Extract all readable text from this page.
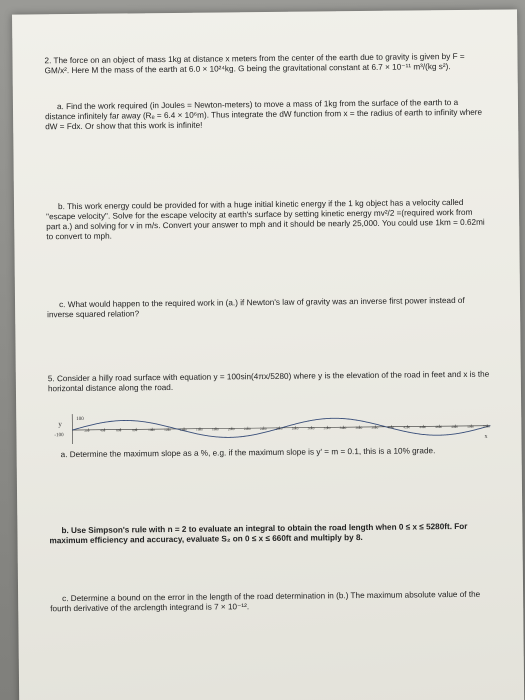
2. The force on an object of mass 1kg at distance x meters from the center of the earth due to gravity is given by F = GM/x². Here M the mass of the earth at 6.0 × 10²⁴kg. G being the gravitational constant at 6.7 × 10⁻¹¹ m³/(kg s²).
a. Find the work required (in Joules = Newton-meters) to move a mass of 1kg from the surface of the earth to a distance infinitely far away (Rₑ = 6.4 × 10⁶m). Thus integrate the dW function from x = the radius of earth to infinity where dW = Fdx. Or show that this work is infinite!
b. This work energy could be provided for with a huge initial kinetic energy if the 1 kg object has a velocity called "escape velocity". Solve for the escape velocity at earth's surface by setting kinetic energy mv²/2 =(required work from part a.) and solving for v in m/s. Convert your answer to mph and it should be nearly 25,000. You could use 1km = 0.62mi to convert to mph.
c. What would happen to the required work in (a.) if Newton's law of gravity was an inverse first power instead of inverse squared relation?
5. Consider a hilly road surface with equation y = 100sin(4πx/5280) where y is the elevation of the road in feet and x is the horizontal distance along the road.
y
100
-100	x
200	400	600	800	1000	1200	1400	1600	1800	2000	2200	2400	2600	2800	3000	3200	3400	3600	3800	4000	4200	4400	4600	4800	5000	5200
a. Determine the maximum slope as a %, e.g. if the maximum slope is y' = m = 0.1, this is a 10% grade.
b. Use Simpson's rule with n = 2 to evaluate an integral to obtain the road length when 0 ≤ x ≤ 5280ft. For maximum efficiency and accuracy, evaluate S₂ on 0 ≤ x ≤ 660ft and multiply by 8.
c. Determine a bound on the error in the length of the road determination in (b.) The maximum absolute value of the fourth derivative of the arclength integrand is 7 × 10⁻¹².
